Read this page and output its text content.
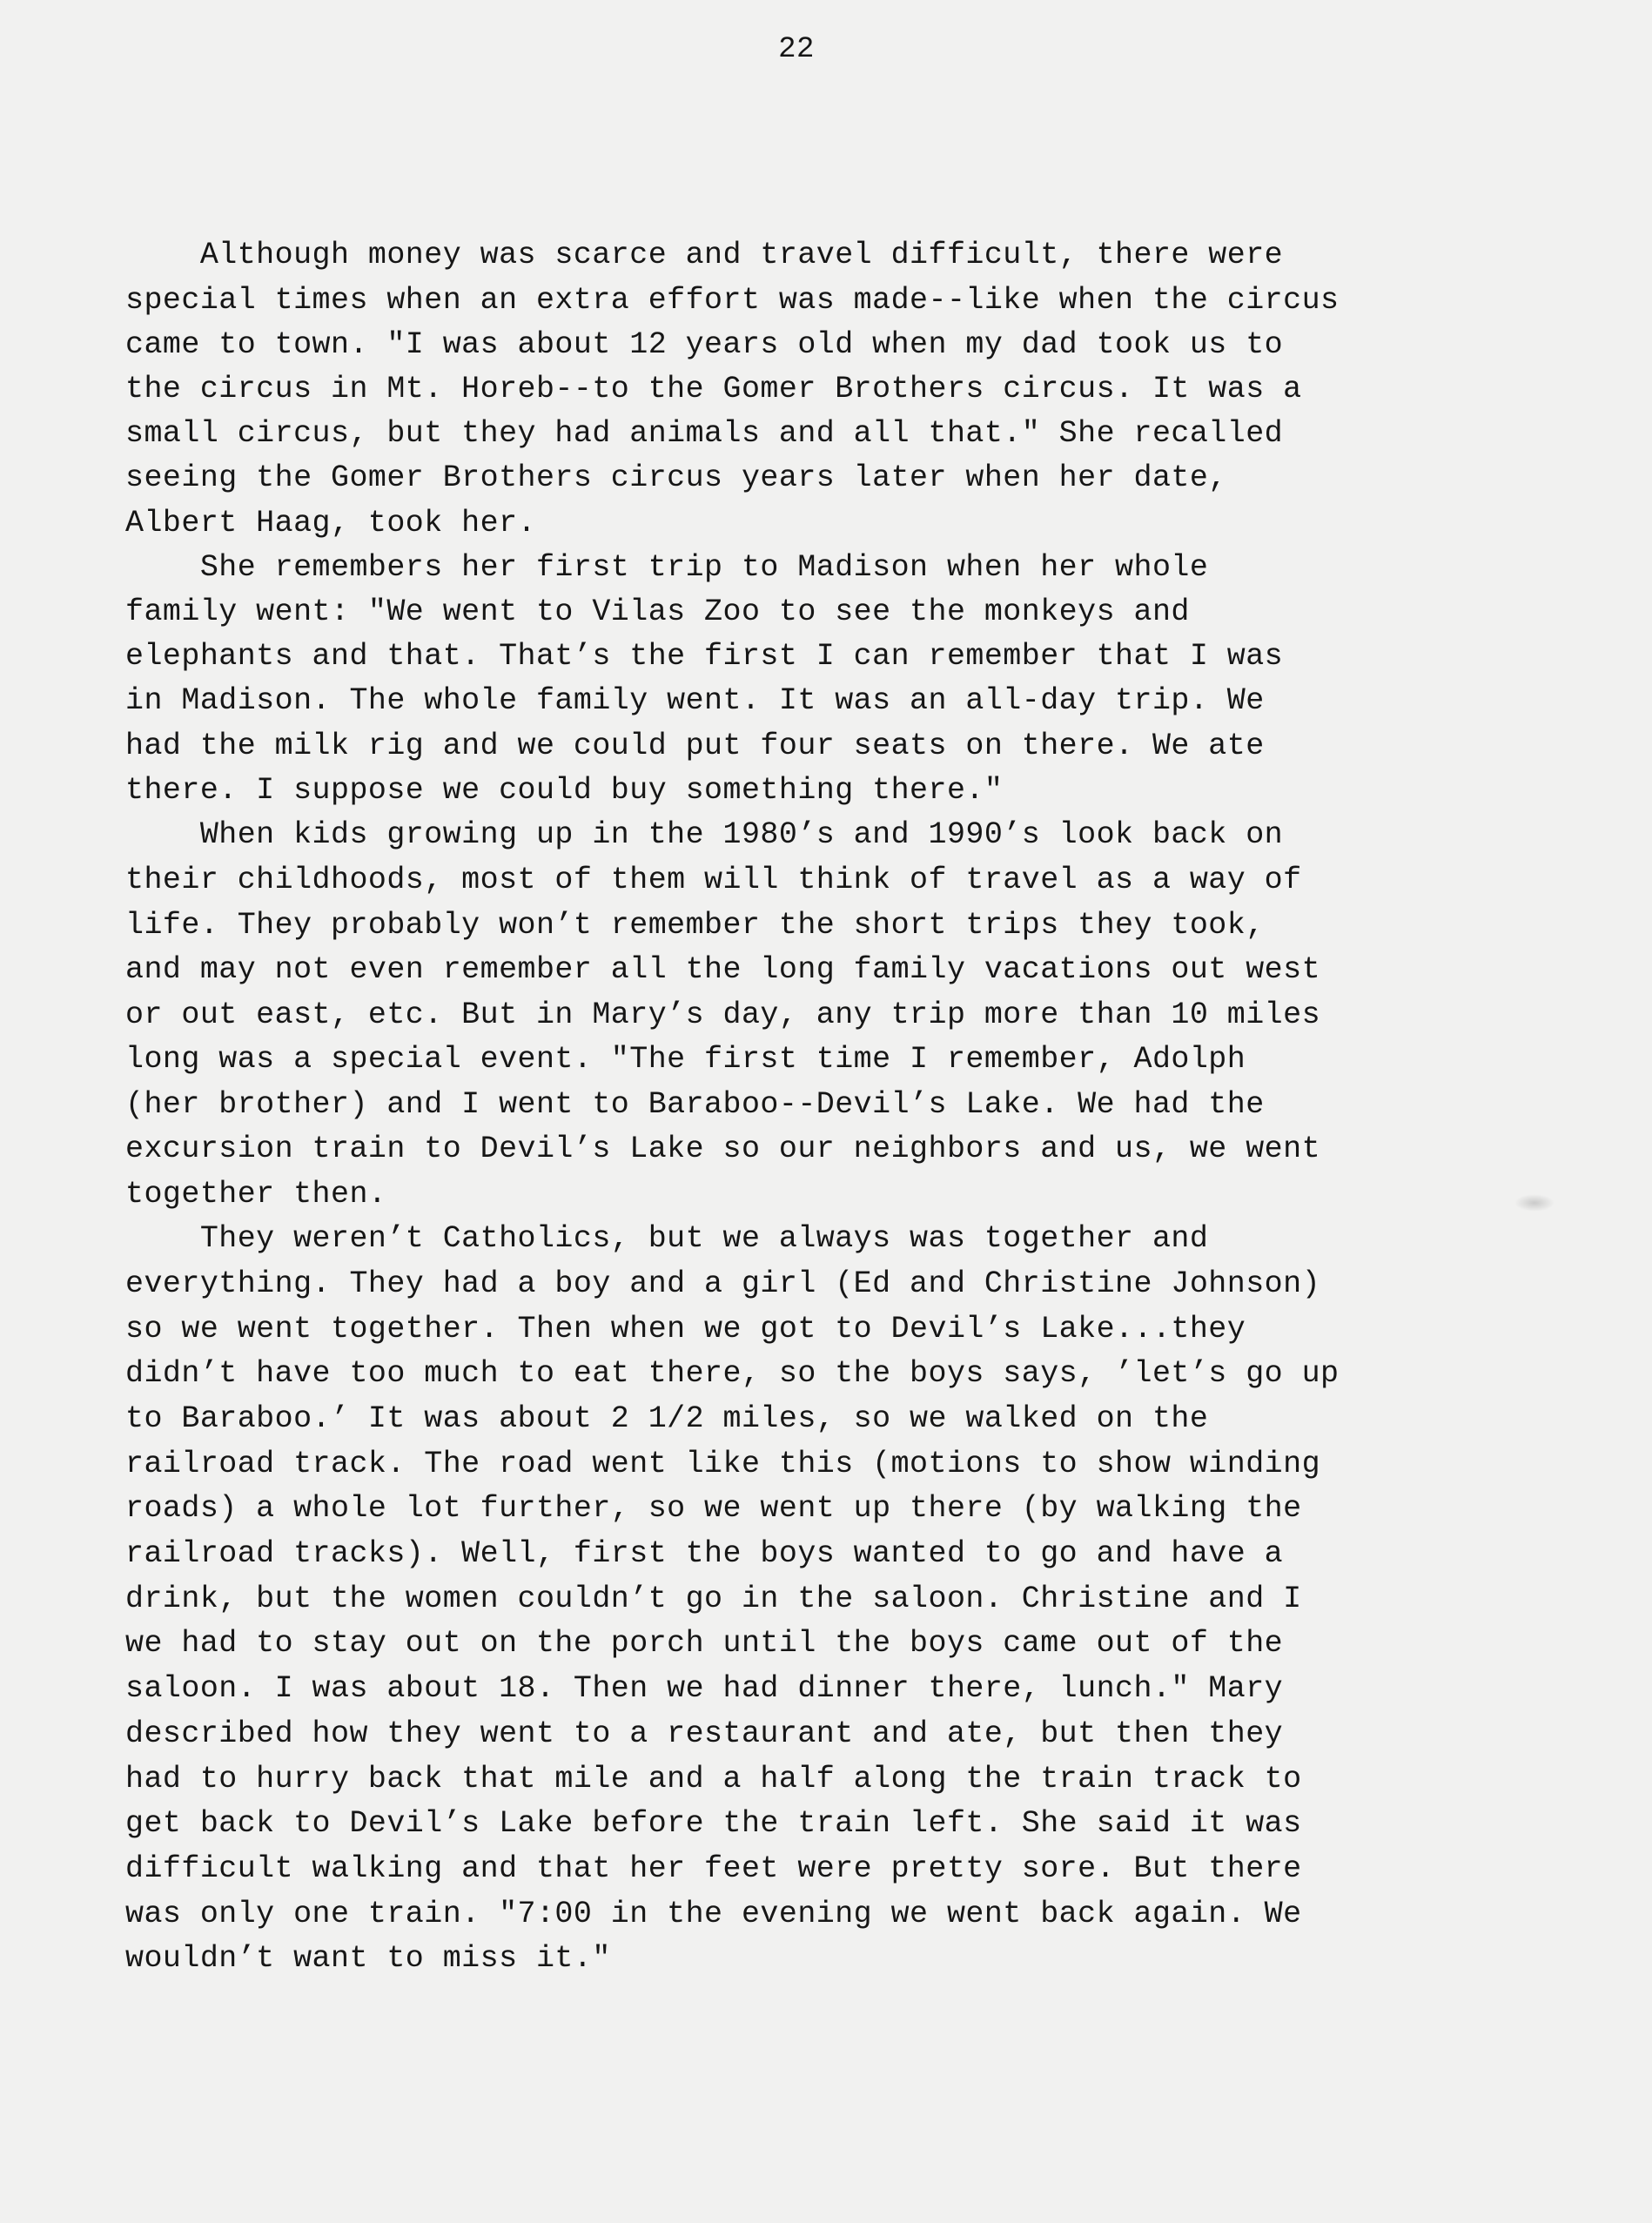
22

Although money was scarce and travel difficult, there were

special times when an extra effort was made--like when the circus

came to town. "I was about 12 years old when my dad took us to

the circus in Mt. Horeb--to the Gomer Brothers circus. It was a

small circus, but they had animals and all that." She recalled

seeing the Gomer Brothers circus years later when her date,

Albert Haag, took her.

She remembers her first trip to Madison when her whole

family went: "We went to Vilas Zoo to see the monkeys and

elephants and that. That’s the first I can remember that I was

in Madison. The whole family went. It was an all-day trip. We

had the milk rig and we could put four seats on there. We ate

there. I suppose we could buy something there."

When kids growing up in the 1980’s and 1990’s look back on

their childhoods, most of them will think of travel as a way of

life. They probably won’t remember the short trips they took,

and may not even remember all the long family vacations out west

or out east, etc. But in Mary’s day, any trip more than 10 miles

long was a special event. "The first time I remember, Adolph

(her brother) and I went to Baraboo--Devil’s Lake. We had the

excursion train to Devil’s Lake so our neighbors and us, we went

together then.

They weren’t Catholics, but we always was together and

everything. They had a boy and a girl (Ed and Christine Johnson)

so we went together. Then when we got to Devil’s Lake...they

didn’t have too much to eat there, so the boys says, ’let’s go up

to Baraboo.’ It was about 2 1/2 miles, so we walked on the

railroad track. The road went like this (motions to show winding

roads) a whole lot further, so we went up there (by walking the

railroad tracks). Well, first the boys wanted to go and have a

drink, but the women couldn’t go in the saloon. Christine and I

we had to stay out on the porch until the boys came out of the

saloon. I was about 18. Then we had dinner there, lunch." Mary

described how they went to a restaurant and ate, but then they

had to hurry back that mile and a half along the train track to

get back to Devil’s Lake before the train left. She said it was

difficult walking and that her feet were pretty sore. But there

was only one train. "7:00 in the evening we went back again. We

wouldn’t want to miss it."
